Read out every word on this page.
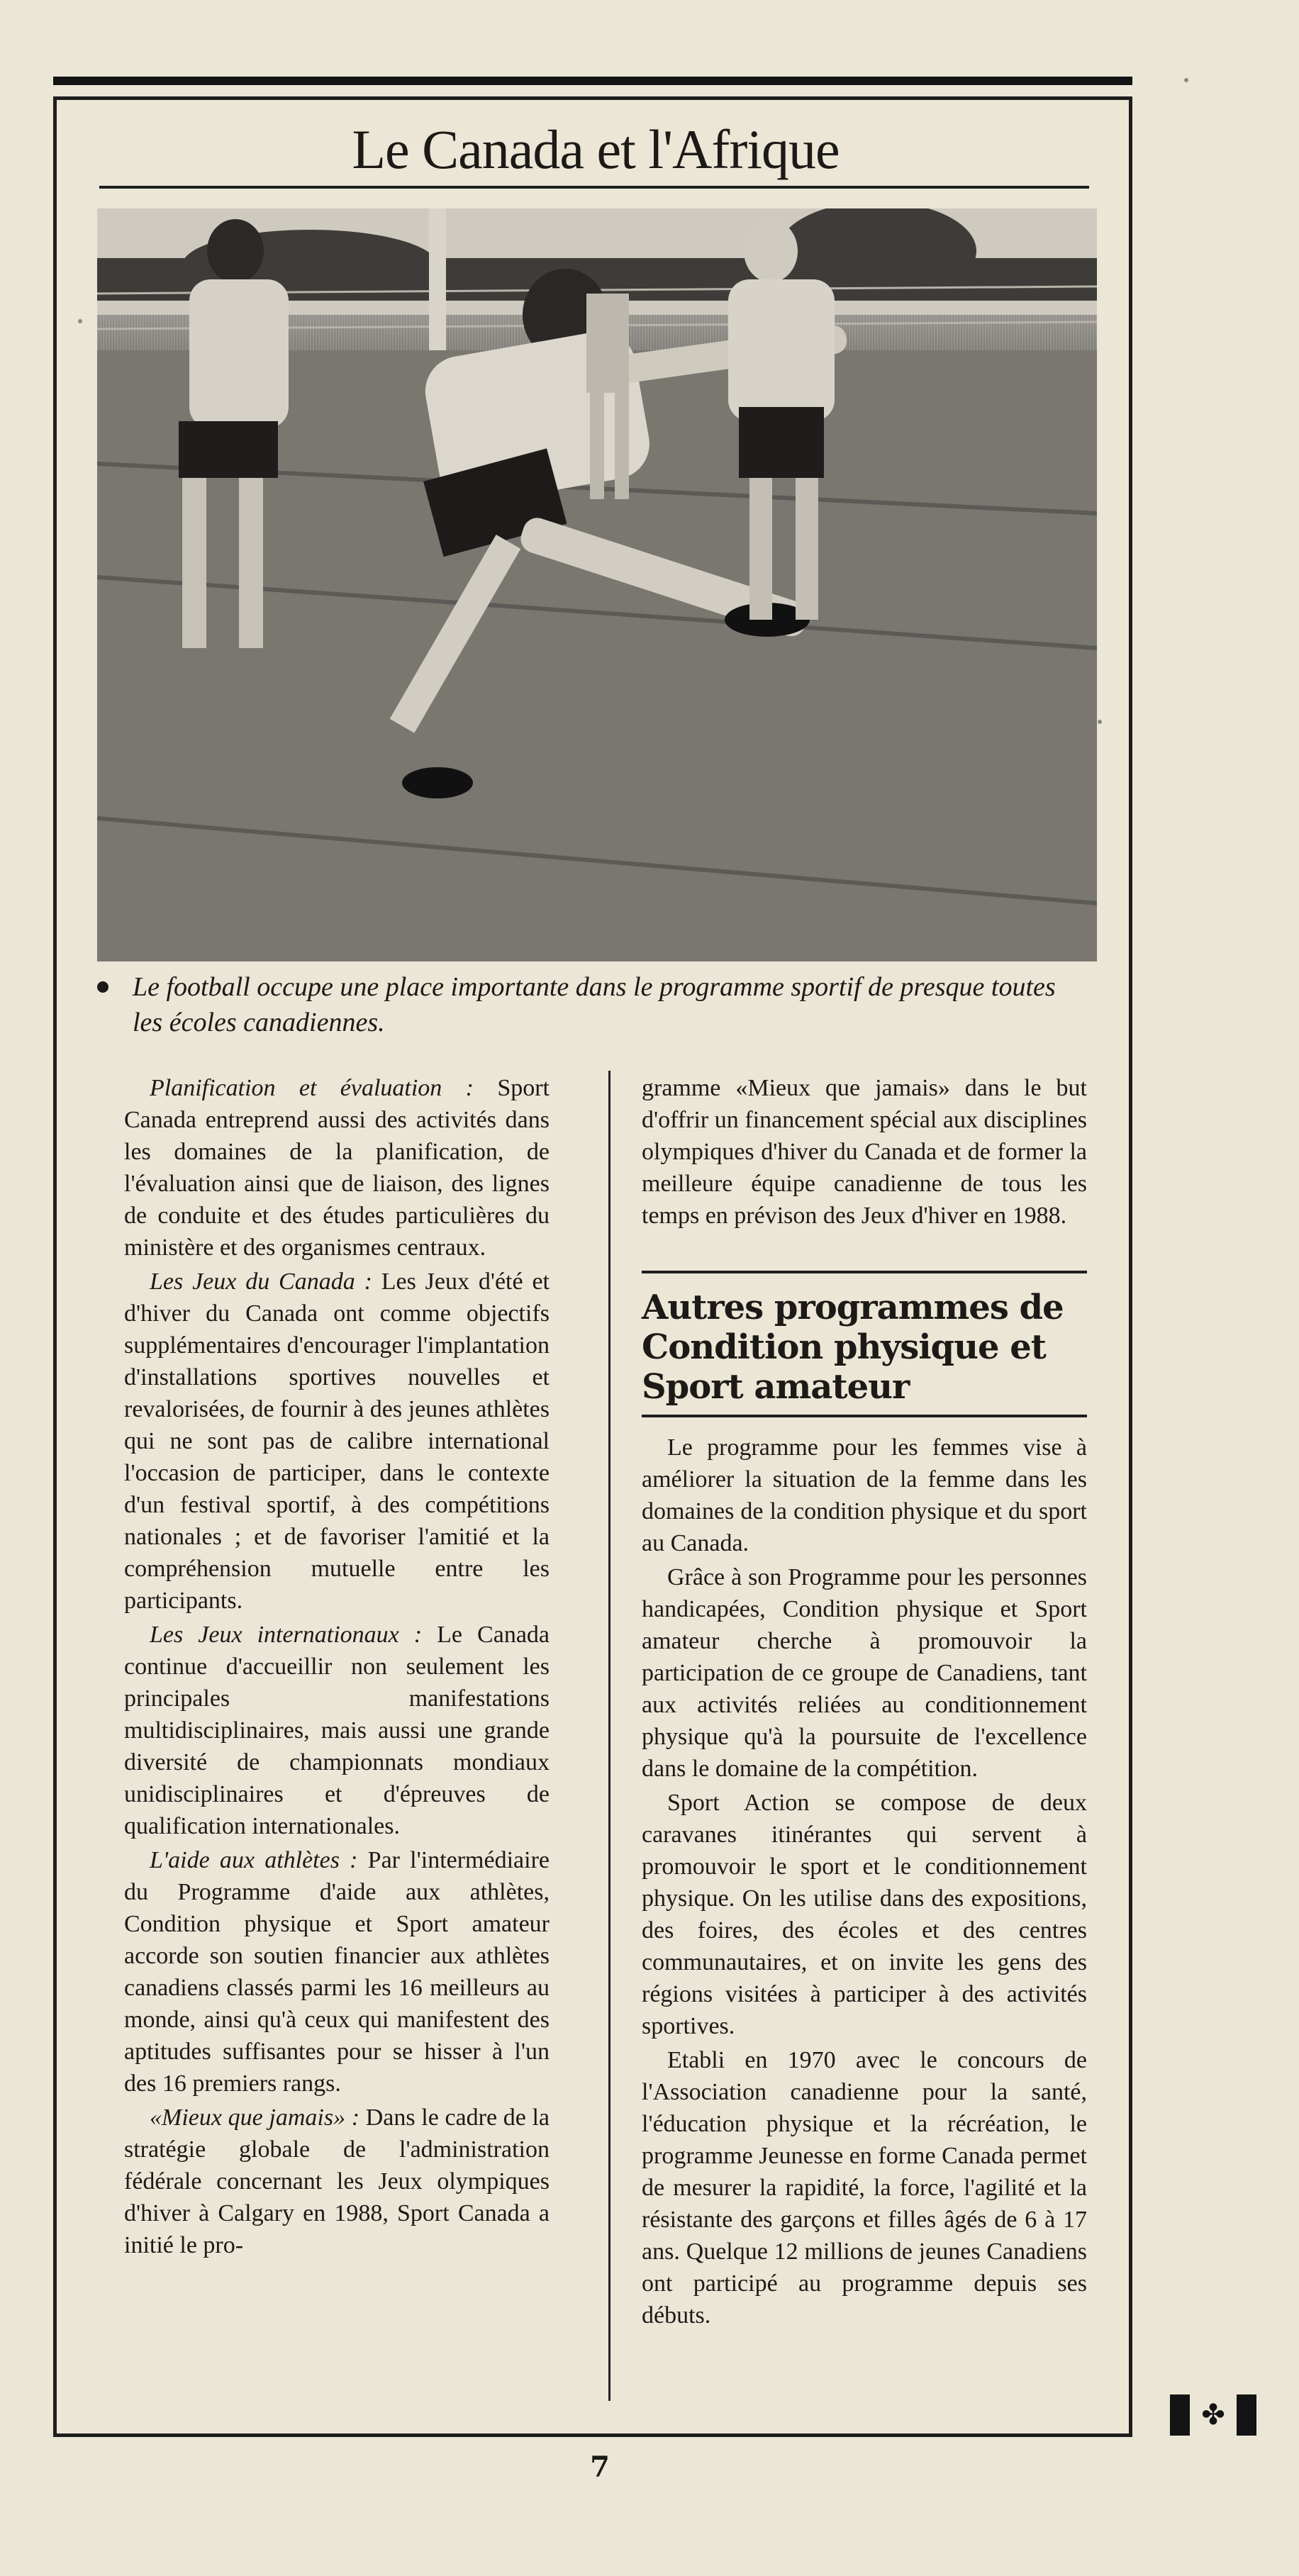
Le Canada et l'Afrique
Le football occupe une place importante dans le programme sportif de presque toutes les écoles canadiennes.

Planification et évaluation : Sport Canada entreprend aussi des activités dans les domaines de la planification, de l'évaluation ainsi que de liaison, des lignes de conduite et des études particulières du ministère et des organismes centraux.

Les Jeux du Canada : Les Jeux d'été et d'hiver du Canada ont comme objectifs supplémentaires d'encourager l'implantation d'installations sportives nouvelles et revalorisées, de fournir à des jeunes athlètes qui ne sont pas de calibre international l'occasion de participer, dans le contexte d'un festival sportif, à des compétitions nationales ; et de favoriser l'amitié et la compréhension mutuelle entre les participants.

Les Jeux internationaux : Le Canada continue d'accueillir non seulement les principales manifestations multidisciplinaires, mais aussi une grande diversité de championnats mondiaux unidisciplinaires et d'épreuves de qualification internationales.

L'aide aux athlètes : Par l'intermédiaire du Programme d'aide aux athlètes, Condition physique et Sport amateur accorde son soutien financier aux athlètes canadiens classés parmi les 16 meilleurs au monde, ainsi qu'à ceux qui manifestent des aptitudes suffisantes pour se hisser à l'un des 16 premiers rangs.

«Mieux que jamais» : Dans le cadre de la stratégie globale de l'administration fédérale concernant les Jeux olympiques d'hiver à Calgary en 1988, Sport Canada a initié le pro-

gramme «Mieux que jamais» dans le but d'offrir un financement spécial aux disciplines olympiques d'hiver du Canada et de former la meilleure équipe canadienne de tous les temps en prévison des Jeux d'hiver en 1988.

Autres programmes de Condition physique et Sport amateur

Le programme pour les femmes vise à améliorer la situation de la femme dans les domaines de la condition physique et du sport au Canada.

Grâce à son Programme pour les personnes handicapées, Condition physique et Sport amateur cherche à promouvoir la participation de ce groupe de Canadiens, tant aux activités reliées au conditionnement physique qu'à la poursuite de l'excellence dans le domaine de la compétition.

Sport Action se compose de deux caravanes itinérantes qui servent à promouvoir le sport et le conditionnement physique. On les utilise dans des expositions, des foires, des écoles et des centres communautaires, et on invite les gens des régions visitées à participer à des activités sportives.

Etabli en 1970 avec le concours de l'Association canadienne pour la santé, l'éducation physique et la récréation, le programme Jeunesse en forme Canada permet de mesurer la rapidité, la force, l'agilité et la résistante des garçons et filles âgés de 6 à 17 ans. Quelque 12 millions de jeunes Canadiens ont participé au programme depuis ses débuts.

✤
7
